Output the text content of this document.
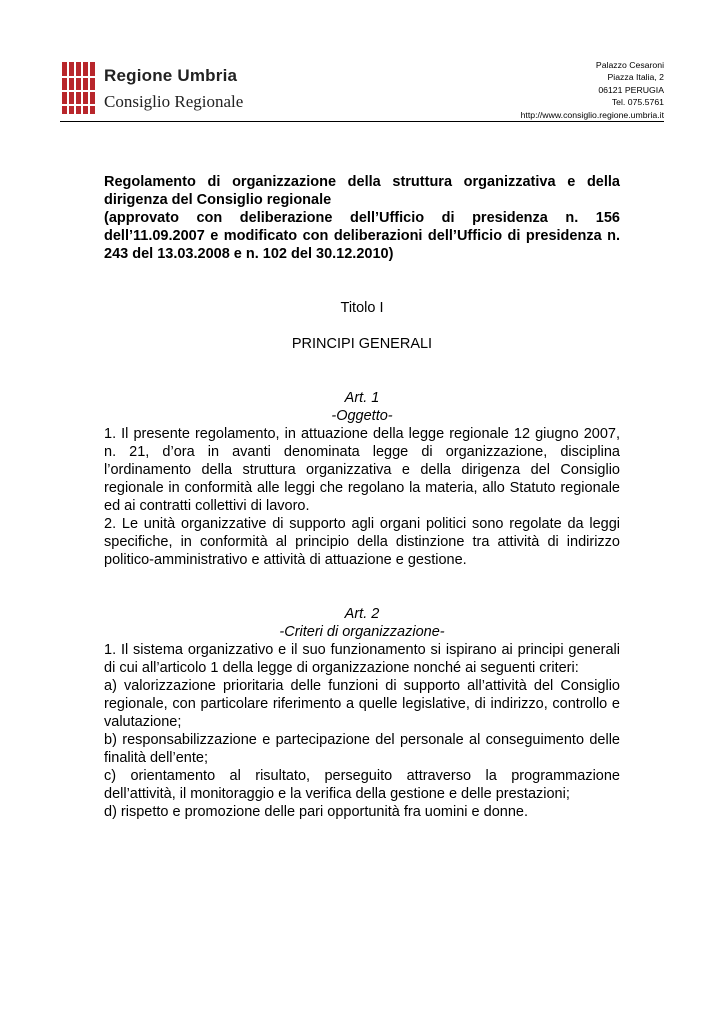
Regione Umbria
Consiglio Regionale
Palazzo Cesaroni
Piazza Italia, 2
06121 PERUGIA
Tel. 075.5761
http://www.consiglio.regione.umbria.it

Regolamento di organizzazione della struttura organizzativa e della dirigenza del Consiglio regionale

(approvato con deliberazione dell’Ufficio di presidenza n. 156 dell’11.09.2007 e modificato con deliberazioni dell’Ufficio di presidenza n. 243 del 13.03.2008 e n. 102 del 30.12.2010)

Titolo I
PRINCIPI GENERALI
Art. 1
-Oggetto-

1. Il presente regolamento, in attuazione della legge regionale 12 giugno 2007, n. 21, d’ora in avanti denominata legge di organizzazione, disciplina l’ordinamento della struttura organizzativa e della dirigenza del Consiglio regionale in conformità alle leggi che regolano la materia, allo Statuto regionale ed ai contratti collettivi di lavoro.

2. Le unità organizzative di supporto agli organi politici sono regolate da leggi specifiche, in conformità al principio della distinzione tra attività di indirizzo politico-amministrativo e attività di attuazione e gestione.

Art. 2
-Criteri di organizzazione-

1. Il sistema organizzativo e il suo funzionamento si ispirano ai principi generali di cui all’articolo 1 della legge di organizzazione nonché ai seguenti criteri:

a) valorizzazione prioritaria delle funzioni di supporto all’attività del Consiglio regionale, con particolare riferimento a quelle legislative, di indirizzo, controllo e valutazione;

b) responsabilizzazione e partecipazione del personale al conseguimento delle finalità dell’ente;

c) orientamento al risultato, perseguito attraverso la programmazione dell’attività, il monitoraggio e la verifica della gestione e delle prestazioni;

d) rispetto e promozione delle pari opportunità fra uomini e donne.
